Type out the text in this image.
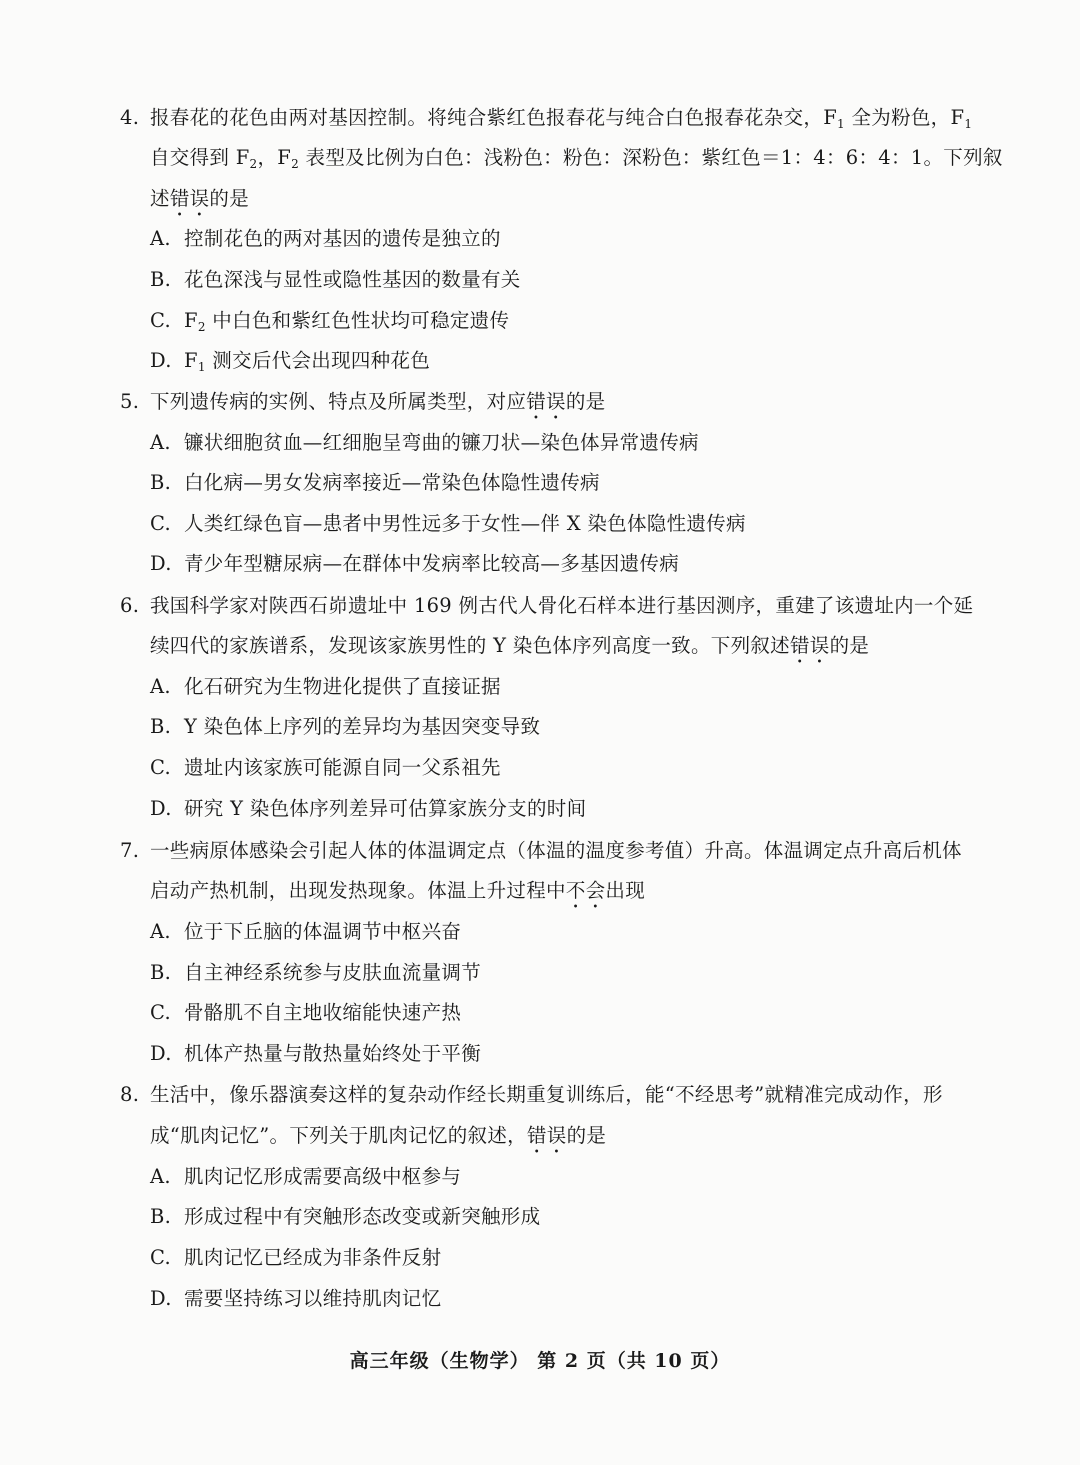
4. 报春花的花色由两对基因控制。将纯合紫红色报春花与纯合白色报春花杂交，$F_1$ 全为粉色，$F_1$
自交得到 $F_2$，$F_2$ 表型及比例为白色：浅粉色：粉色：深粉色：紫红色＝1：4：6：4：1。下列叙
述错误的是
A. 控制花色的两对基因的遗传是独立的
B. 花色深浅与显性或隐性基因的数量有关
C. $F_2$ 中白色和紫红色性状均可稳定遗传
D. $F_1$ 测交后代会出现四种花色
5. 下列遗传病的实例、特点及所属类型，对应错误的是
A. 镰状细胞贫血—红细胞呈弯曲的镰刀状—染色体异常遗传病
B. 白化病—男女发病率接近—常染色体隐性遗传病
C. 人类红绿色盲—患者中男性远多于女性—伴 X 染色体隐性遗传病
D. 青少年型糖尿病—在群体中发病率比较高—多基因遗传病
6. 我国科学家对陕西石峁遗址中 169 例古代人骨化石样本进行基因测序，重建了该遗址内一个延
续四代的家族谱系，发现该家族男性的 Y 染色体序列高度一致。下列叙述错误的是
A. 化石研究为生物进化提供了直接证据
B. Y 染色体上序列的差异均为基因突变导致
C. 遗址内该家族可能源自同一父系祖先
D. 研究 Y 染色体序列差异可估算家族分支的时间
7. 一些病原体感染会引起人体的体温调定点（体温的温度参考值）升高。体温调定点升高后机体
启动产热机制，出现发热现象。体温上升过程中不会出现
A. 位于下丘脑的体温调节中枢兴奋
B. 自主神经系统参与皮肤血流量调节
C. 骨骼肌不自主地收缩能快速产热
D. 机体产热量与散热量始终处于平衡
8. 生活中，像乐器演奏这样的复杂动作经长期重复训练后，能“不经思考”就精准完成动作，形
成“肌肉记忆”。下列关于肌肉记忆的叙述，错误的是
A. 肌肉记忆形成需要高级中枢参与
B. 形成过程中有突触形态改变或新突触形成
C. 肌肉记忆已经成为非条件反射
D. 需要坚持练习以维持肌肉记忆
高三年级（生物学） 第 2 页（共 10 页）
